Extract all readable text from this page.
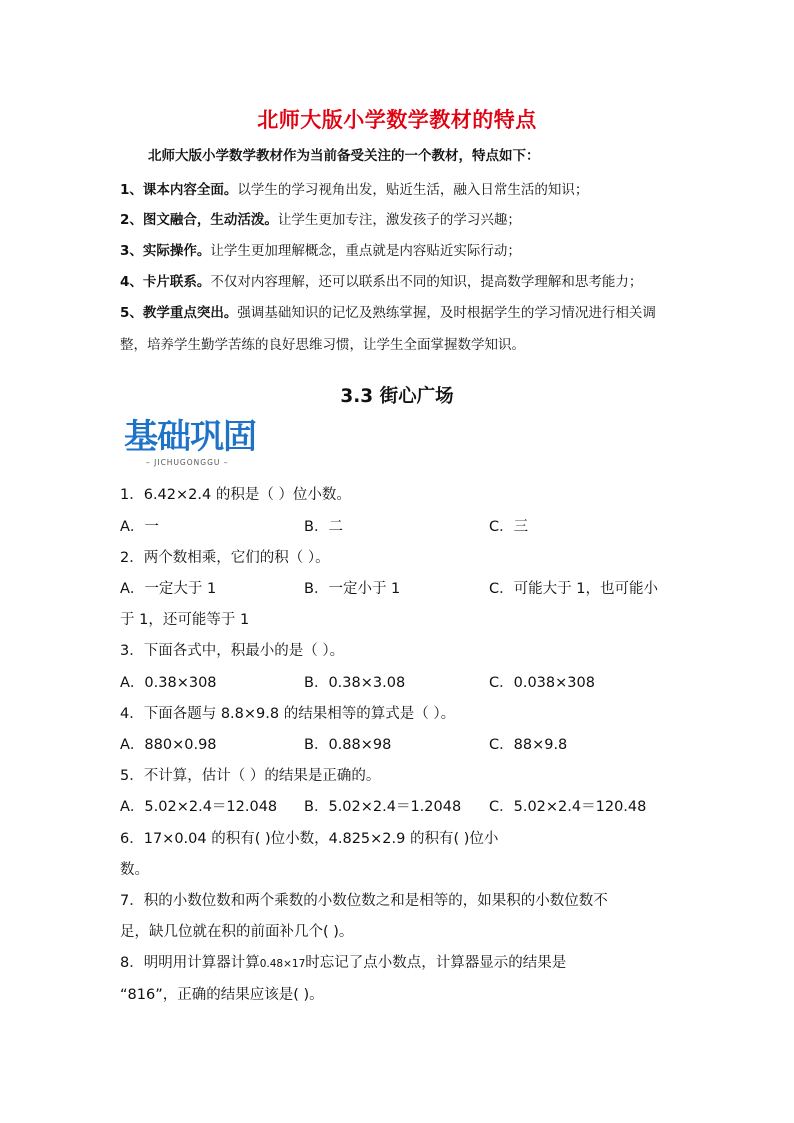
北师大版小学数学教材的特点
北师大版小学数学教材作为当前备受关注的一个教材，特点如下：
1、课本内容全面。以学生的学习视角出发，贴近生活，融入日常生活的知识；
2、图文融合，生动活泼。让学生更加专注，激发孩子的学习兴趣；
3、实际操作。让学生更加理解概念，重点就是内容贴近实际行动；
4、卡片联系。不仅对内容理解，还可以联系出不同的知识，提高数学理解和思考能力；
5、教学重点突出。强调基础知识的记忆及熟练掌握，及时根据学生的学习情况进行相关调
整，培养学生勤学苦练的良好思维习惯，让学生全面掌握数学知识。
3.3 街心广场
基础巩固
– JICHUGONGGU –
1．6.42×2.4 的积是（ ）位小数。
A．一	B．二	C．三
2．两个数相乘，它们的积（ ）。
A．一定大于 1	B．一定小于 1	C．可能大于 1，也可能小
于 1，还可能等于 1
3．下面各式中，积最小的是（ ）。
A．0.38×308	B．0.38×3.08	C．0.038×308
4．下面各题与 8.8×9.8 的结果相等的算式是（ ）。
A．880×0.98	B．0.88×98	C．88×9.8
5．不计算，估计（ ）的结果是正确的。
A．5.02×2.4＝12.048 B．5.02×2.4＝1.2048 C．5.02×2.4＝120.48
6．17×0.04 的积有( )位小数，4.825×2.9 的积有( )位小
数。
7．积的小数位数和两个乘数的小数位数之和是相等的，如果积的小数位数不
足，缺几位就在积的前面补几个( )。
8．明明用计算器计算0.48×17时忘记了点小数点，计算器显示的结果是
“816”，正确的结果应该是( )。
